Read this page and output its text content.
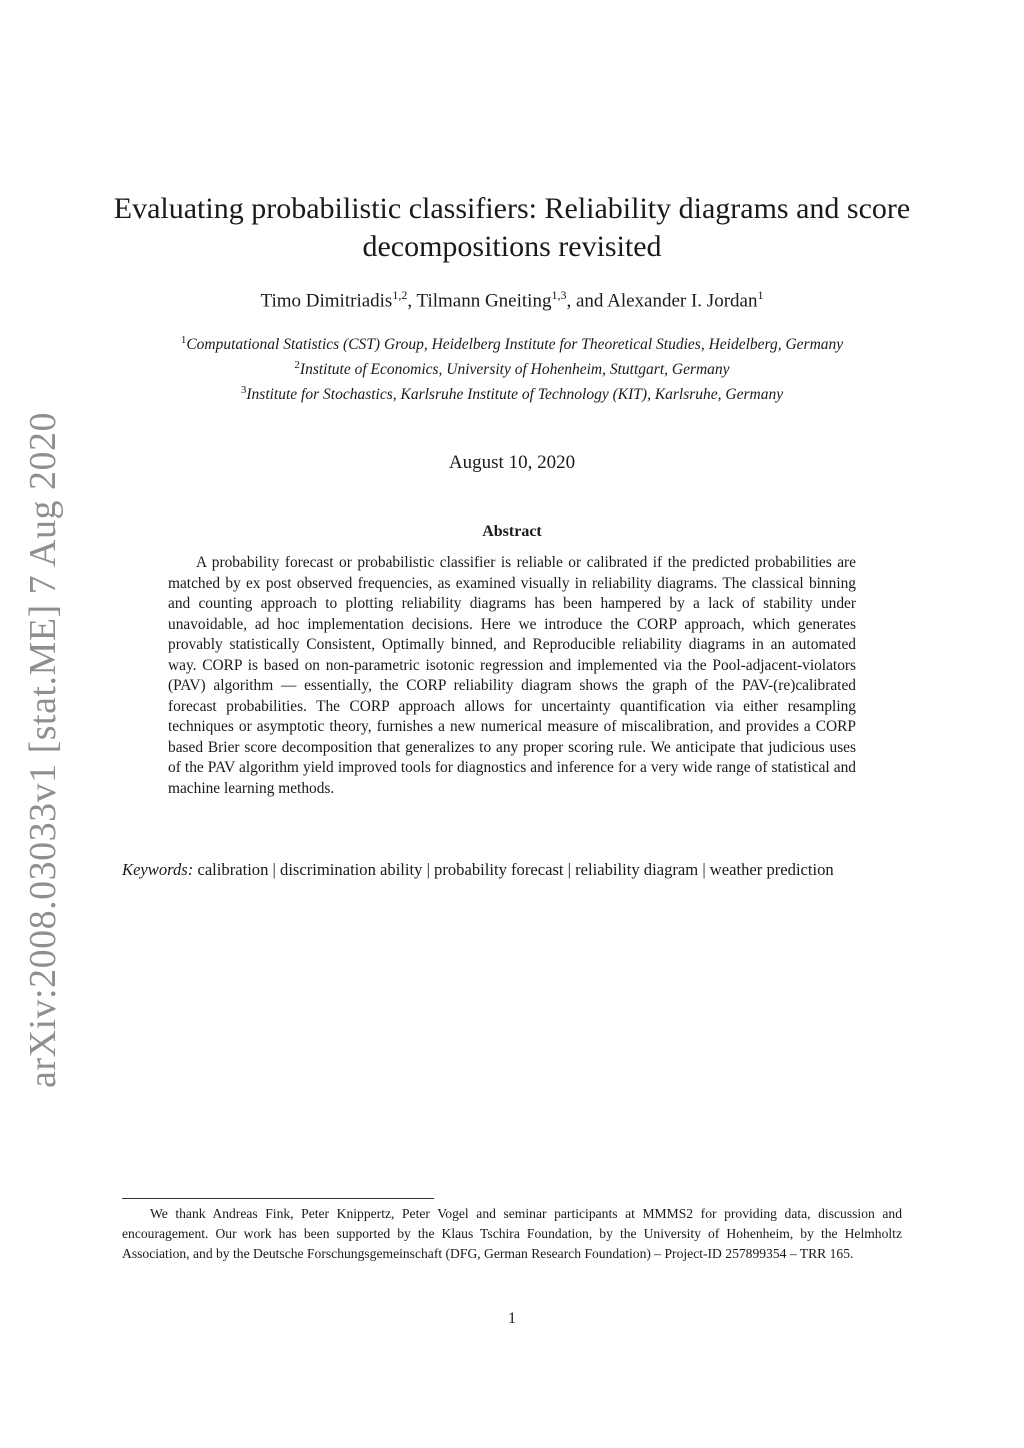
arXiv:2008.03033v1 [stat.ME] 7 Aug 2020
Evaluating probabilistic classifiers: Reliability diagrams and score decompositions revisited
Timo Dimitriadis$^{1,2}$, Tilmann Gneiting$^{1,3}$, and Alexander I. Jordan$^1$
$^1$Computational Statistics (CST) Group, Heidelberg Institute for Theoretical Studies, Heidelberg, Germany
$^2$Institute of Economics, University of Hohenheim, Stuttgart, Germany
$^3$Institute for Stochastics, Karlsruhe Institute of Technology (KIT), Karlsruhe, Germany
August 10, 2020
Abstract

A probability forecast or probabilistic classifier is reliable or calibrated if the predicted probabilities are matched by ex post observed frequencies, as examined visually in reliability diagrams. The classical binning and counting approach to plotting reliability diagrams has been hampered by a lack of stability under unavoidable, ad hoc implementation decisions. Here we introduce the CORP approach, which generates provably statistically Consistent, Optimally binned, and Reproducible reliability diagrams in an automated way. CORP is based on non-parametric isotonic regression and implemented via the Pool-adjacent-violators (PAV) algorithm — essentially, the CORP reliability diagram shows the graph of the PAV-(re)calibrated forecast probabilities. The CORP approach allows for uncertainty quantification via either resampling techniques or asymptotic theory, furnishes a new numerical measure of miscalibration, and provides a CORP based Brier score decomposition that generalizes to any proper scoring rule. We anticipate that judicious uses of the PAV algorithm yield improved tools for diagnostics and inference for a very wide range of statistical and machine learning methods.

Keywords: calibration | discrimination ability | probability forecast | reliability diagram | weather prediction

We thank Andreas Fink, Peter Knippertz, Peter Vogel and seminar participants at MMMS2 for providing data, discussion and encouragement. Our work has been supported by the Klaus Tschira Foundation, by the University of Hohenheim, by the Helmholtz Association, and by the Deutsche Forschungsgemeinschaft (DFG, German Research Foundation) – Project-ID 257899354 – TRR 165.

1
